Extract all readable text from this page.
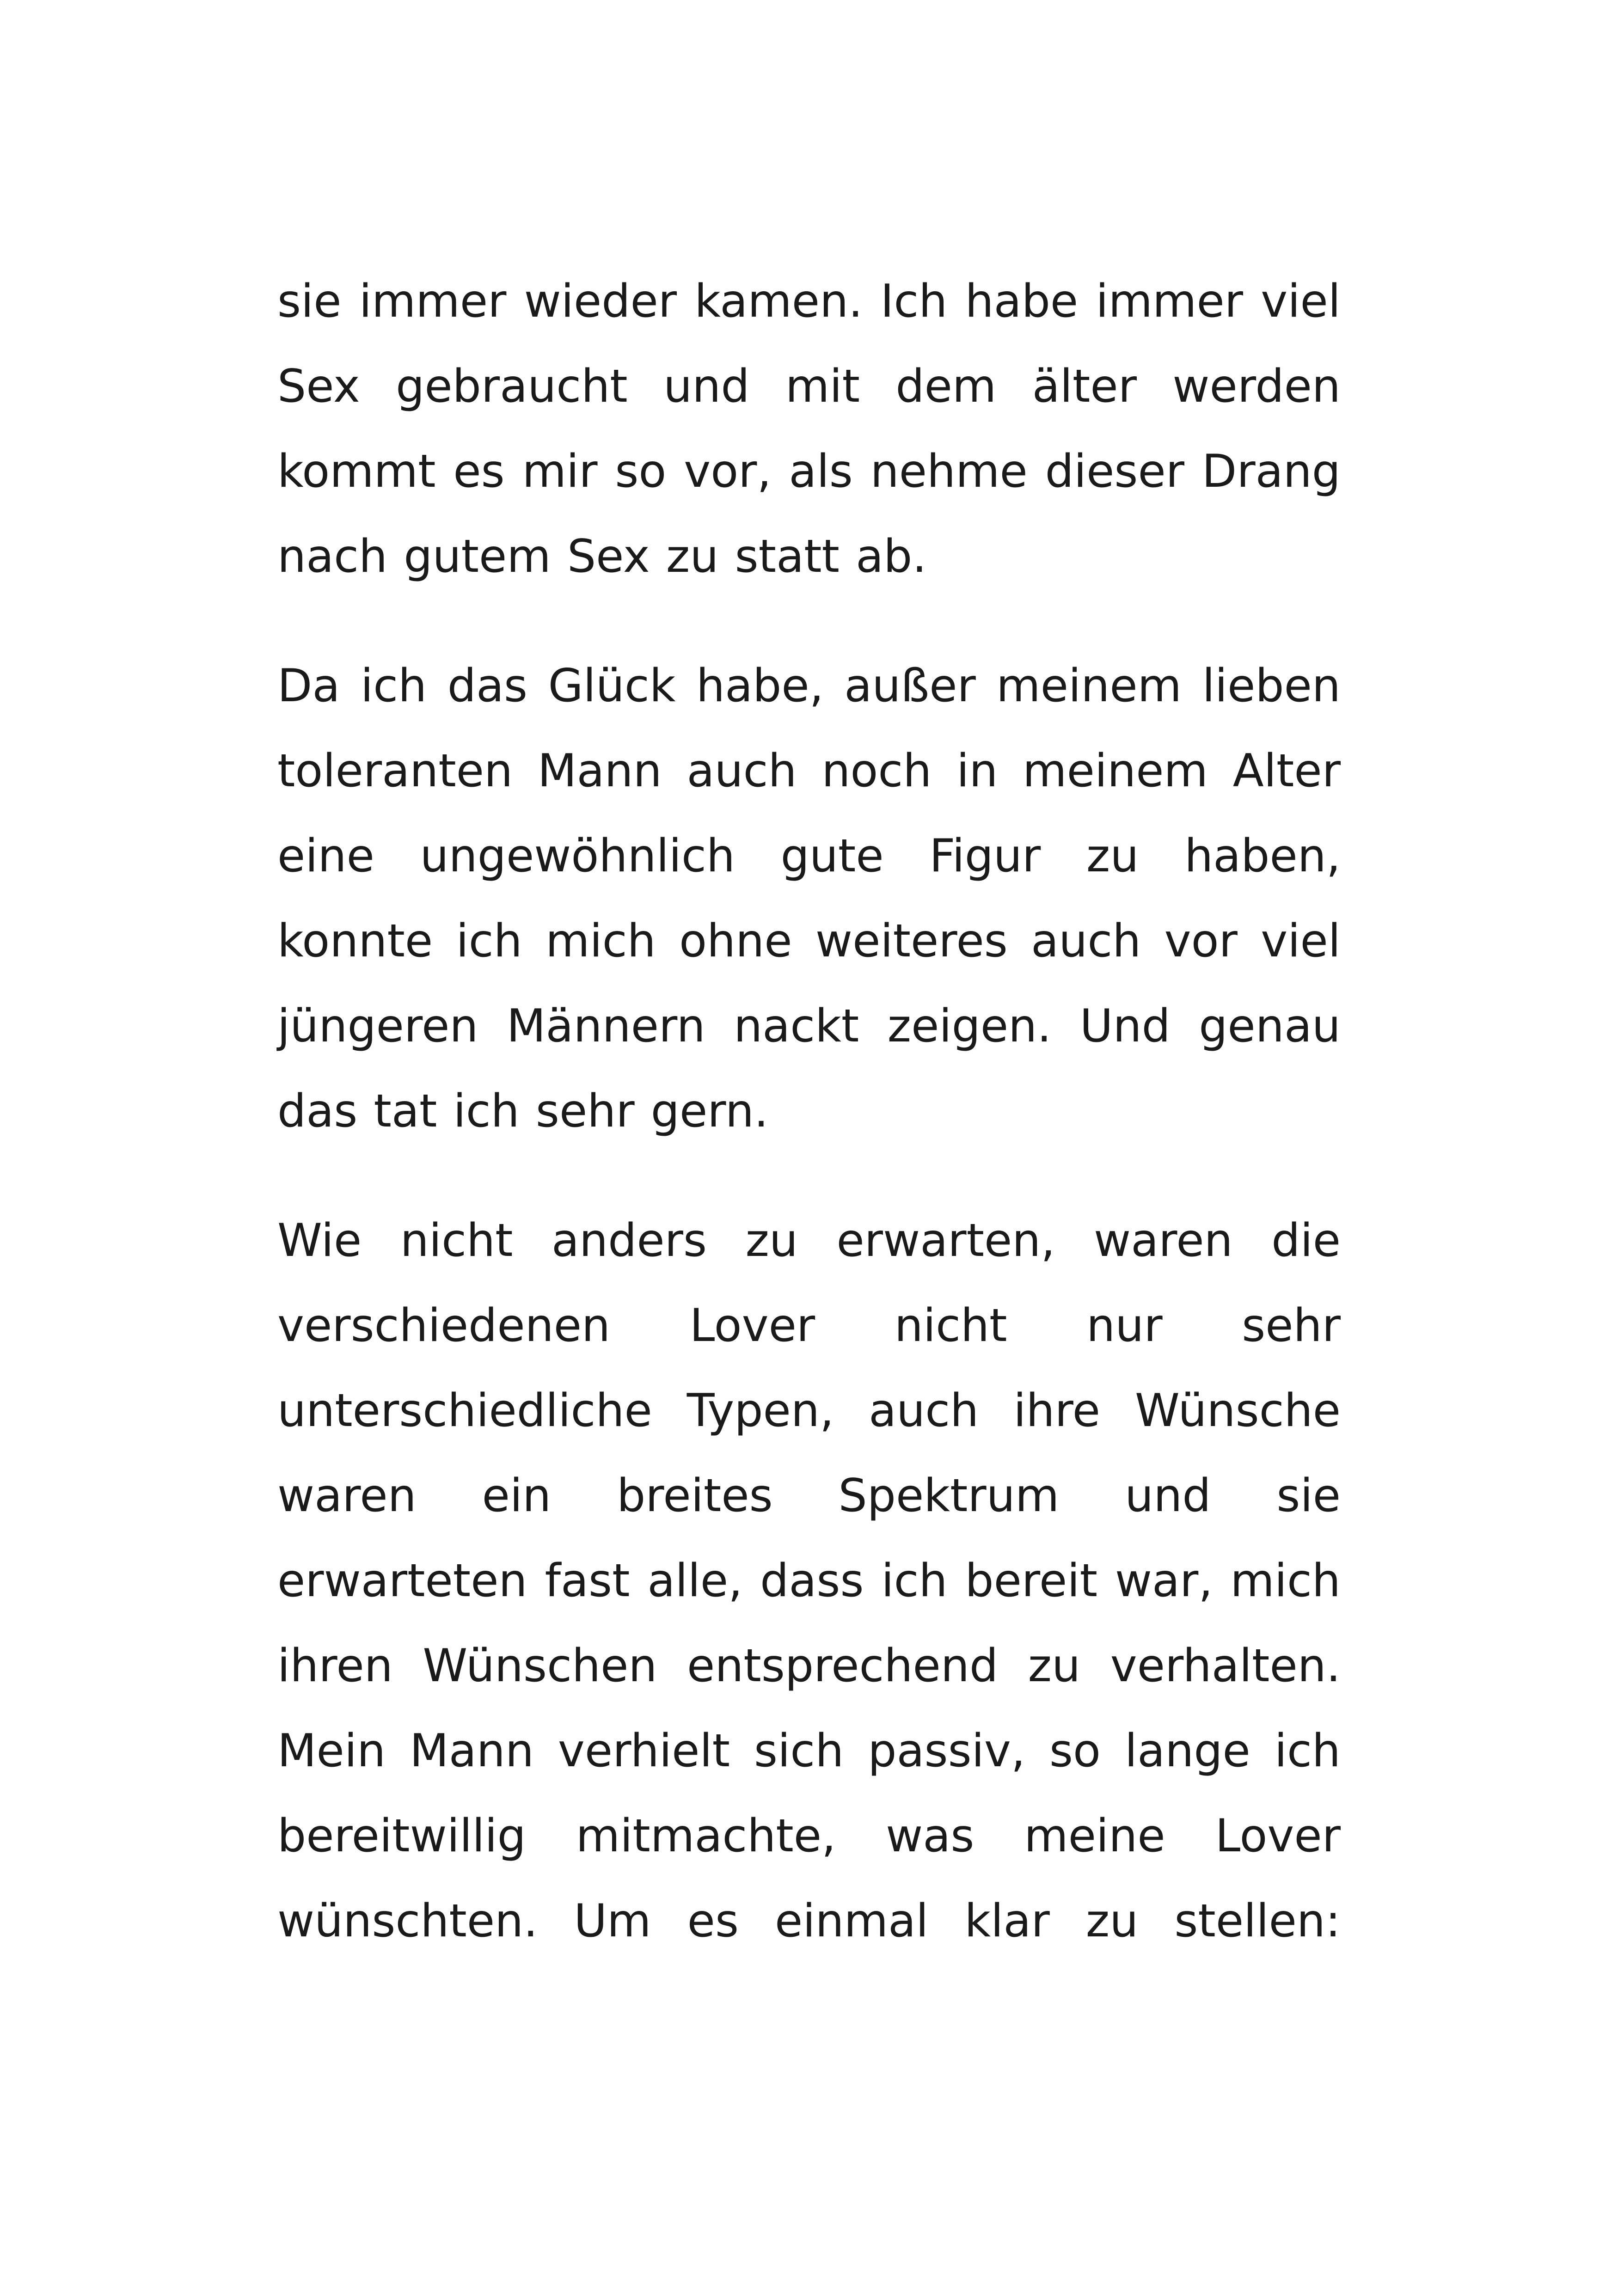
sie immer wieder kamen. Ich habe immer viel Sex gebraucht und mit dem älter werden kommt es mir so vor, als nehme dieser Drang nach gutem Sex zu statt ab.

Da ich das Glück habe, außer meinem lieben toleranten Mann auch noch in meinem Alter eine ungewöhnlich gute Figur zu haben, konnte ich mich ohne weiteres auch vor viel jüngeren Männern nackt zeigen. Und genau das tat ich sehr gern.

Wie nicht anders zu erwarten, waren die verschiedenen Lover nicht nur sehr unterschiedliche Typen, auch ihre Wünsche waren ein breites Spektrum und sie erwarteten fast alle, dass ich bereit war, mich ihren Wünschen entsprechend zu verhalten. Mein Mann verhielt sich passiv, so lange ich bereitwillig mitmachte, was meine Lover wünschten. Um es einmal klar zu stellen:
